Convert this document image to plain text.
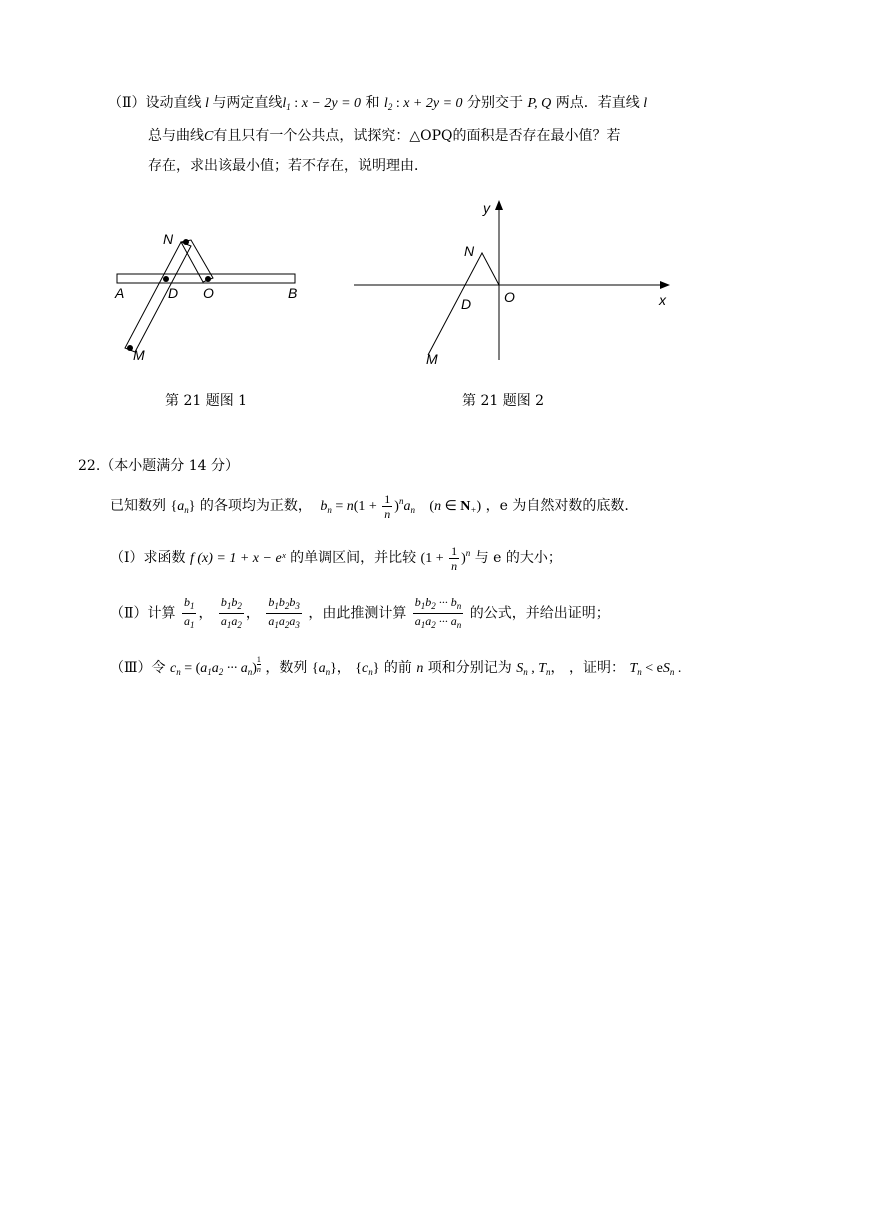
（Ⅱ）设动直线 l 与两定直线$l_1$ : x − 2y = 0 和 $l_2$ : x + 2y = 0 分别交于 P, Q 两点．若直线 l
总与曲线C有且只有一个公共点，试探究：△OPQ的面积是否存在最小值？若
存在，求出该最小值；若不存在，说明理由．
N
A	D O	B
M
第 21 题图 1
y
N
D O	x
M
第 21 题图 2
22.（本小题满分 14 分）
已知数列 $\{a_n\}$ 的各项均为正数， $b_n = n(1 + \frac{1}{n} )^na_n$ (n ∈ $N_+$) ，e 为自然对数的底数.
（Ⅰ）求函数 f (x) = 1 + x − eˣ 的单调区间，并比较 $(1 + \frac{1}{n} )^n$ 与 e 的大小；
（Ⅱ）计算 $\frac{b_1}{a_1}$ ， $\frac{b_1b_2}{a_1a_2}$ ， $\frac{b_1b_2b_3}{a_1a_2a_3}$ ，由此推测计算 $\frac{b_1b_2 \cdot\cdot\cdot b_n}{a_1a_2 \cdot\cdot\cdot a_n}$ 的公式，并给出证明；
（Ⅲ）令 $c_n = (a_1a_2$ ··· $a_n) \frac{1}{n}$ ，数列 $\{a_n\}$， $\{c_n\}$ 的前 n 项和分别记为 $S_n$ , $T_n$， ，证明： $T_n < eS_n$ .
